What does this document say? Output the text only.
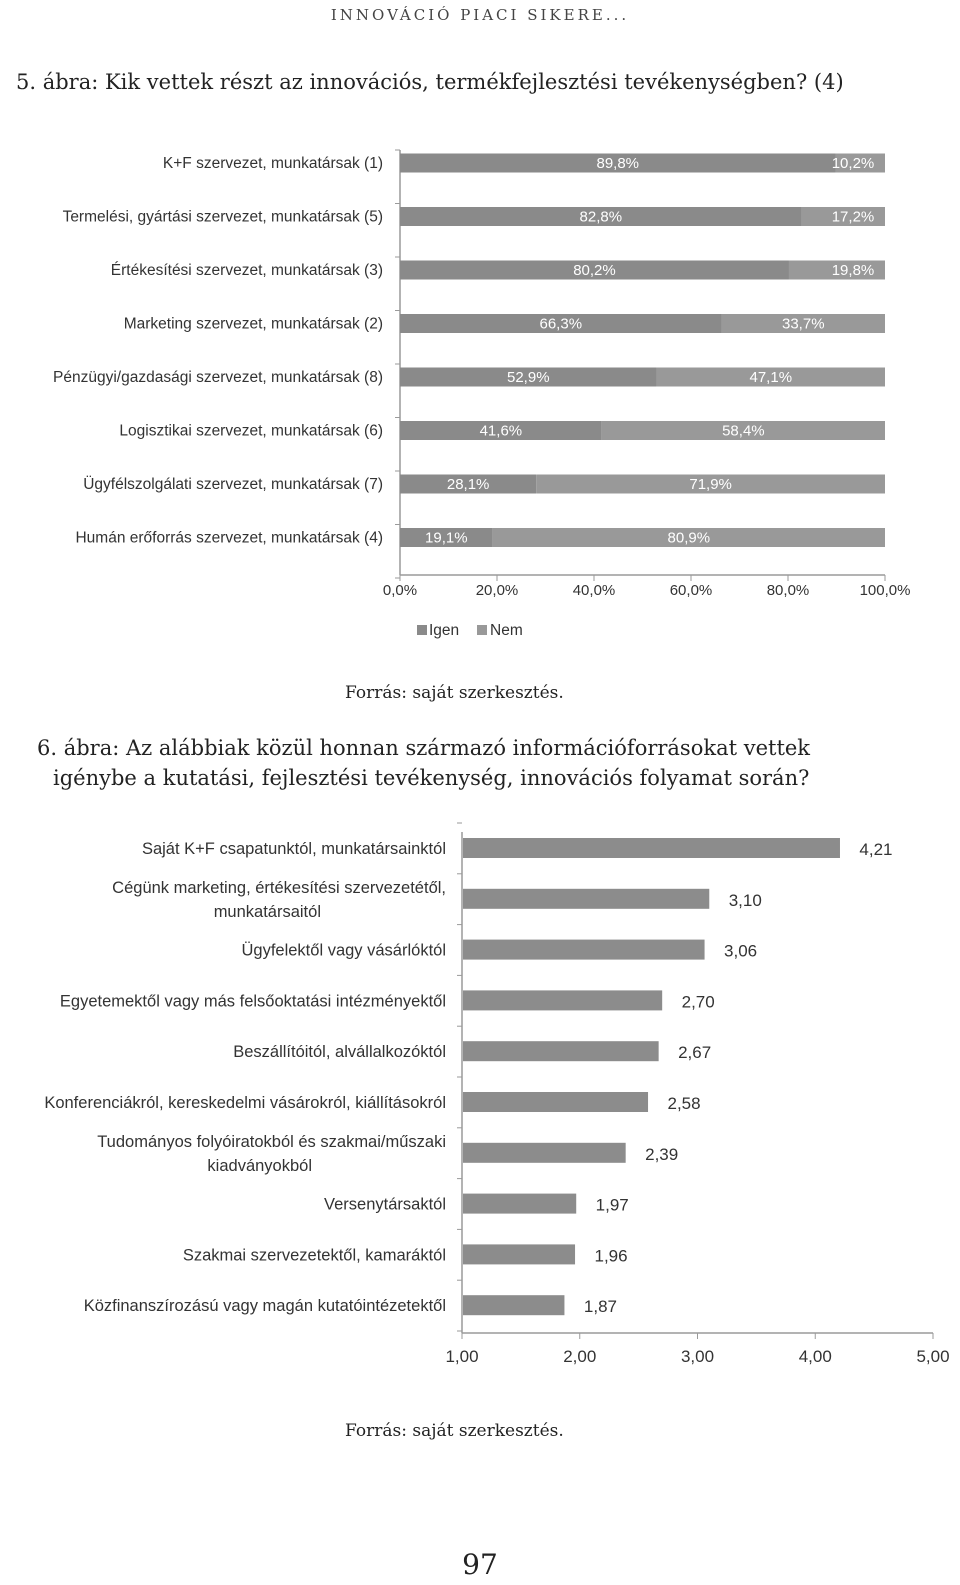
INNOVÁCIÓ PIACI SIKERE...
5. ábra: Kik vettek részt az innovációs, termékfejlesztési tevékenységben? (4)
0,0%	20,0%	40,0%	60,0%	80,0%	100,0%
K+F szervezet, munkatársak (1)	89,8%	10,2%
Termelési, gyártási szervezet, munkatársak (5)	82,8%	17,2%
Értékesítési szervezet, munkatársak (3)	80,2%	19,8%
Marketing szervezet, munkatársak (2)	66,3%	33,7%
Pénzügyi/gazdasági szervezet, munkatársak (8)	52,9%	47,1%
Logisztikai szervezet, munkatársak (6)	41,6%	58,4%
Ügyfélszolgálati szervezet, munkatársak (7)	28,1%	71,9%
Humán erőforrás szervezet, munkatársak (4)	19,1%	80,9%
Igen Nem
Forrás: saját szerkesztés.
6. ábra: Az alábbiak közül honnan származó információforrásokat vettek
igénybe a kutatási, fejlesztési tevékenység, innovációs folyamat során?
1,00	2,00	3,00	4,00	5,00
Saját K+F csapatunktól, munkatársainktól	4,21
Cégünk marketing, értékesítési szervezetétől,
munkatársaitól
3,10
Ügyfelektől vagy vásárlóktól	3,06
Egyetemektől vagy más felsőoktatási intézményektől	2,70
Beszállítóitól, alvállalkozóktól	2,67
Konferenciákról, kereskedelmi vásárokról, kiállításokról	2,58
Tudományos folyóiratokból és szakmai/műszaki
kiadványokból
2,39
Versenytársaktól	1,97
Szakmai szervezetektől, kamaráktól	1,96
Közfinanszírozású vagy magán kutatóintézetektől	1,87
Forrás: saját szerkesztés.
97
